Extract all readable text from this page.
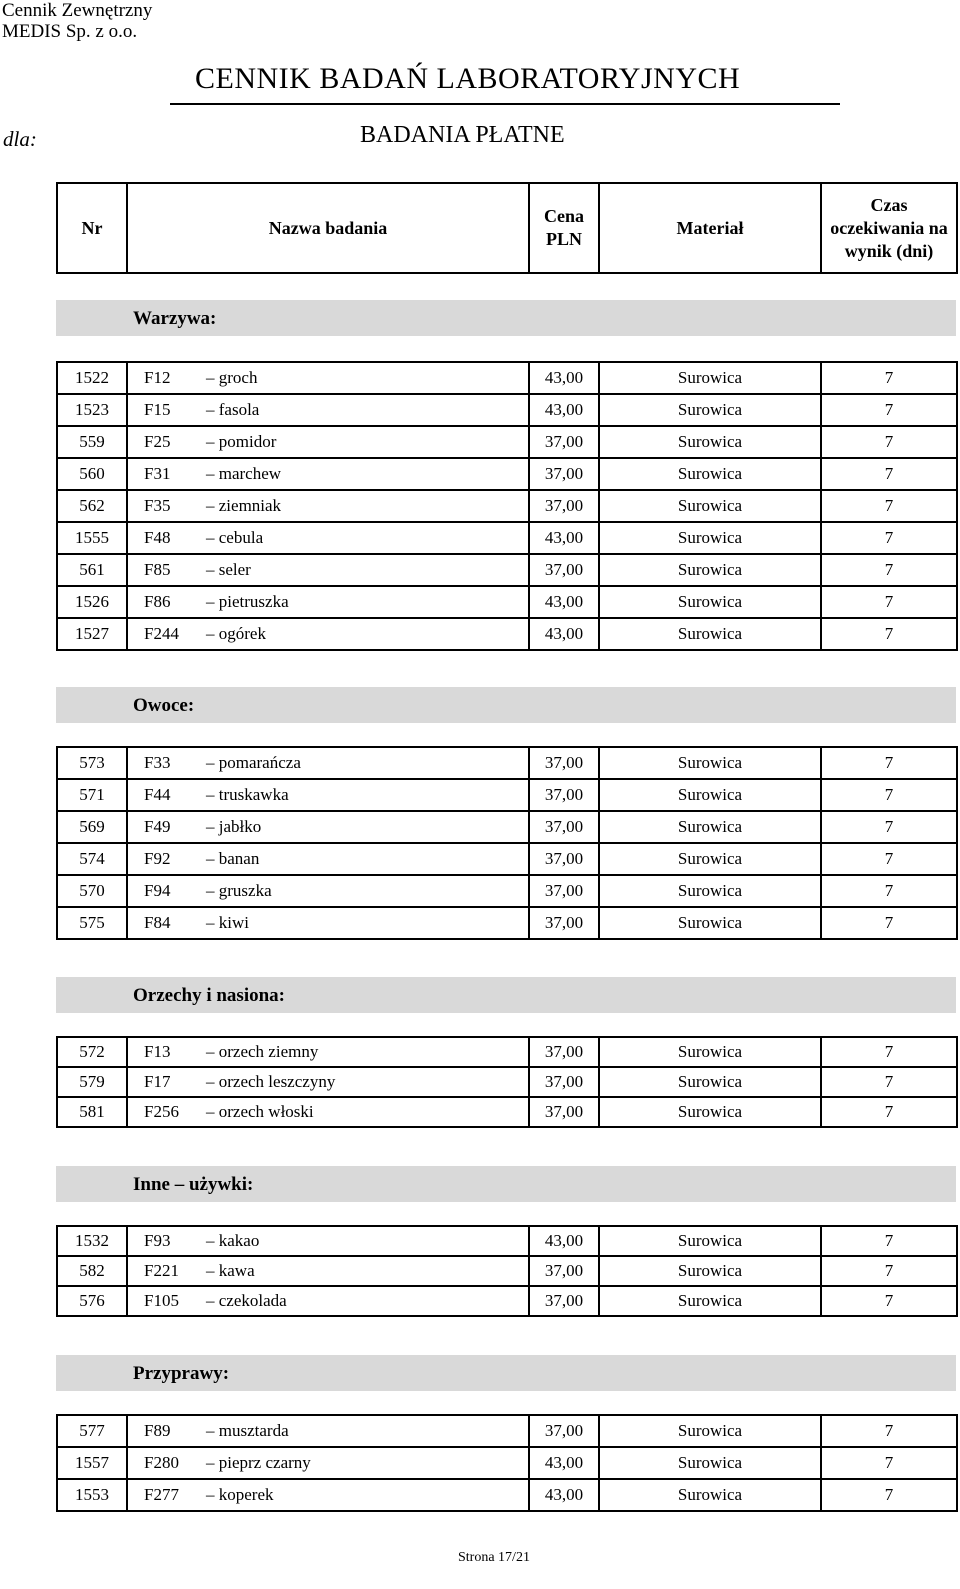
Cennik Zewnętrzny
MEDIS Sp. z o.o.
CENNIK BADAŃ LABORATORYJNYCH
dla:	BADANIA PŁATNE
Nr	Nazwa badania	Cena PLN	Materiał	Czas oczekiwania na wynik (dni)
Warzywa:
1522	F12 – groch	43,00	Surowica	7
1523	F15 – fasola	43,00	Surowica	7
559	F25 – pomidor	37,00	Surowica	7
560	F31 – marchew	37,00	Surowica	7
562	F35 – ziemniak	37,00	Surowica	7
1555	F48 – cebula	43,00	Surowica	7
561	F85 – seler	37,00	Surowica	7
1526	F86 – pietruszka	43,00	Surowica	7
1527	F244 – ogórek	43,00	Surowica	7
Owoce:
573	F33 – pomarańcza	37,00	Surowica	7
571	F44 – truskawka	37,00	Surowica	7
569	F49 – jabłko	37,00	Surowica	7
574	F92 – banan	37,00	Surowica	7
570	F94 – gruszka	37,00	Surowica	7
575	F84 – kiwi	37,00	Surowica	7
Orzechy i nasiona:
572	F13 – orzech ziemny	37,00	Surowica	7
579	F17 – orzech leszczyny	37,00	Surowica	7
581	F256 – orzech włoski	37,00	Surowica	7
Inne – używki:
1532	F93 – kakao	43,00	Surowica	7
582	F221 – kawa	37,00	Surowica	7
576	F105 – czekolada	37,00	Surowica	7
Przyprawy:
577	F89 – musztarda	37,00	Surowica	7
1557	F280 – pieprz czarny	43,00	Surowica	7
1553	F277 – koperek	43,00	Surowica	7
Strona 17/21
